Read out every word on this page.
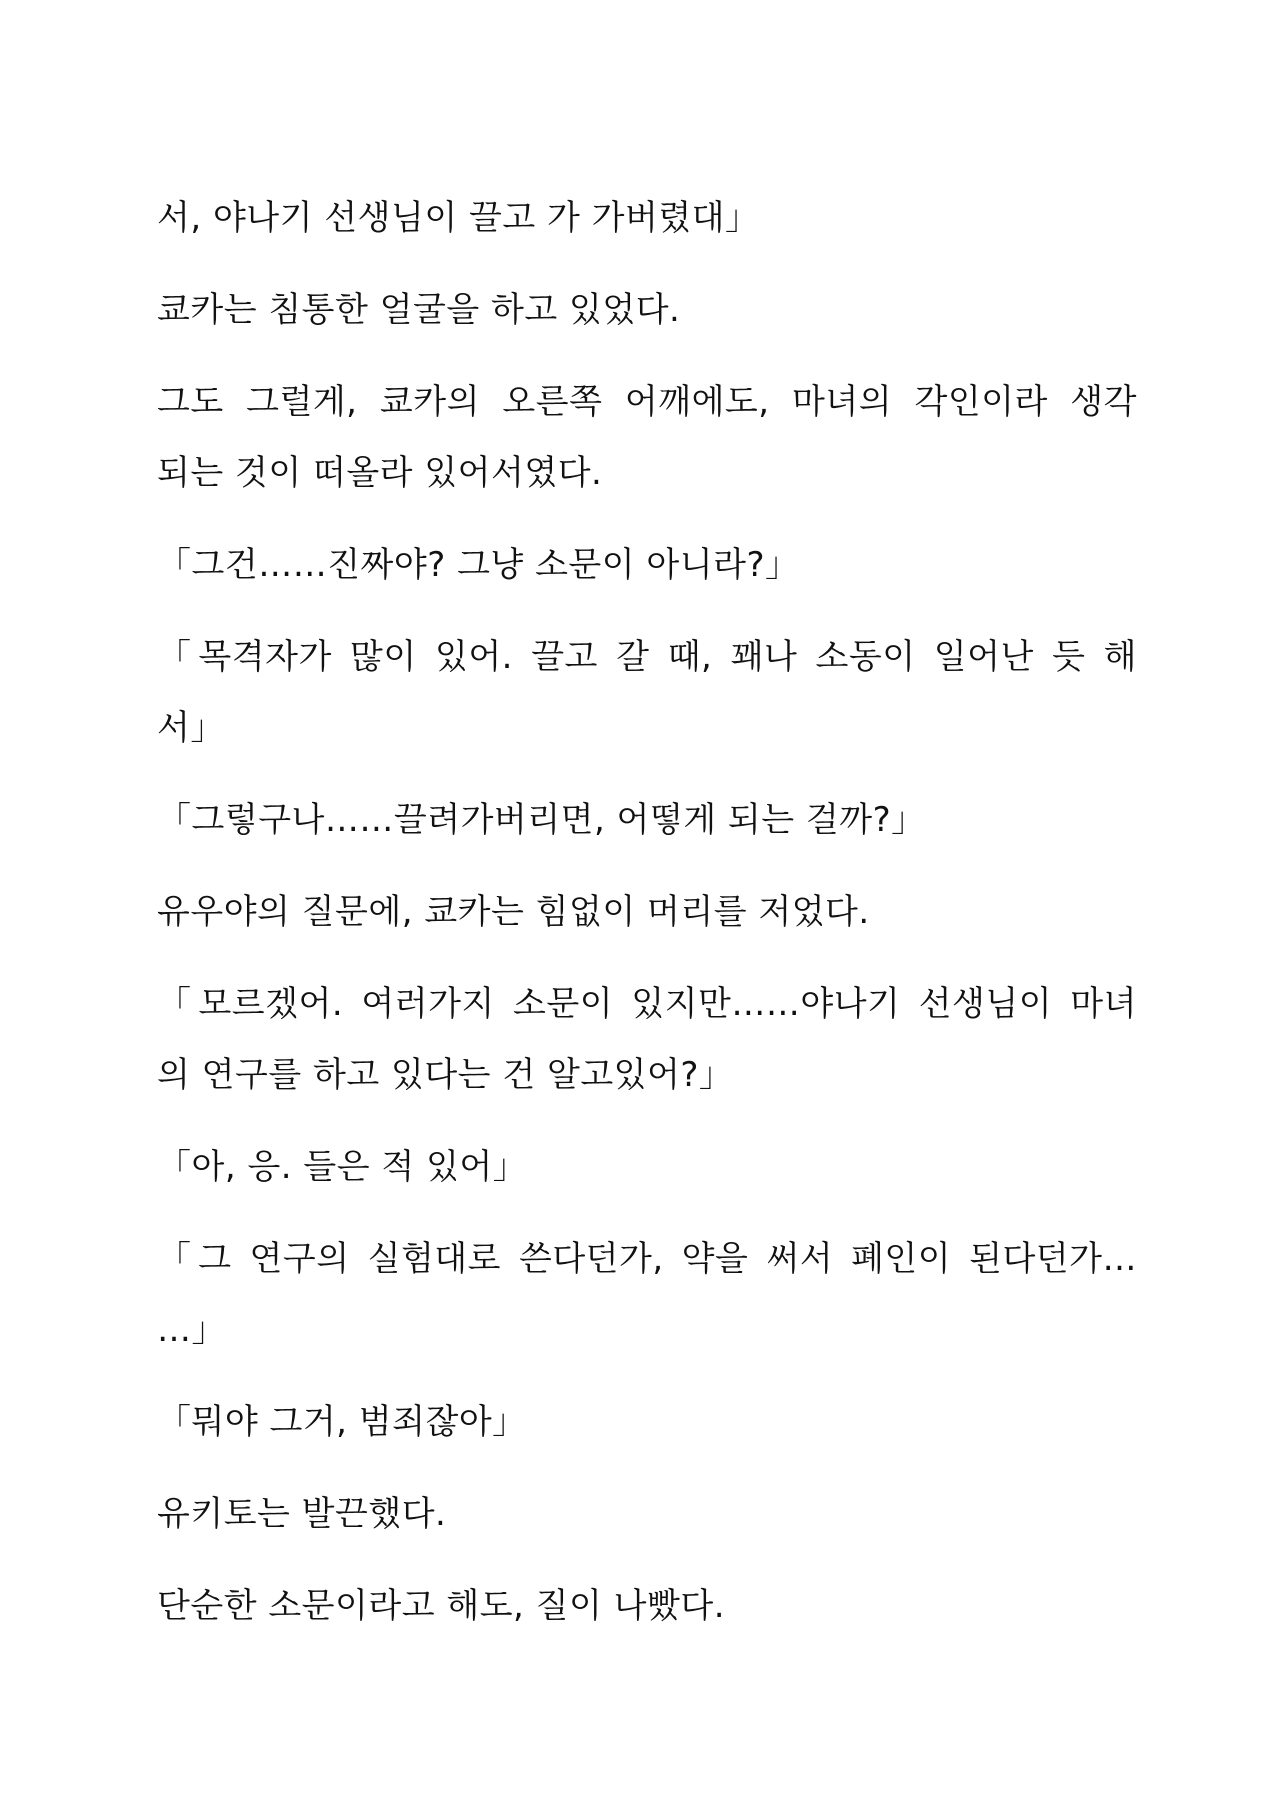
서, 야나기 선생님이 끌고 가 가버렸대」

쿄카는 침통한 얼굴을 하고 있었다.

그도 그럴게, 쿄카의 오른쪽 어깨에도, 마녀의 각인이라 생각

되는 것이 떠올라 있어서였다.

「그건……진짜야? 그냥 소문이 아니라?」

「목격자가 많이 있어. 끌고 갈 때, 꽤나 소동이 일어난 듯 해

서」

「그렇구나……끌려가버리면, 어떻게 되는 걸까?」

유우야의 질문에, 쿄카는 힘없이 머리를 저었다.

「모르겠어. 여러가지 소문이 있지만……야나기 선생님이 마녀

의 연구를 하고 있다는 건 알고있어?」

「아, 응. 들은 적 있어」

「그 연구의 실험대로 쓴다던가, 약을 써서 폐인이 된다던가…

…」

「뭐야 그거, 범죄잖아」

유키토는 발끈했다.

단순한 소문이라고 해도, 질이 나빴다.
